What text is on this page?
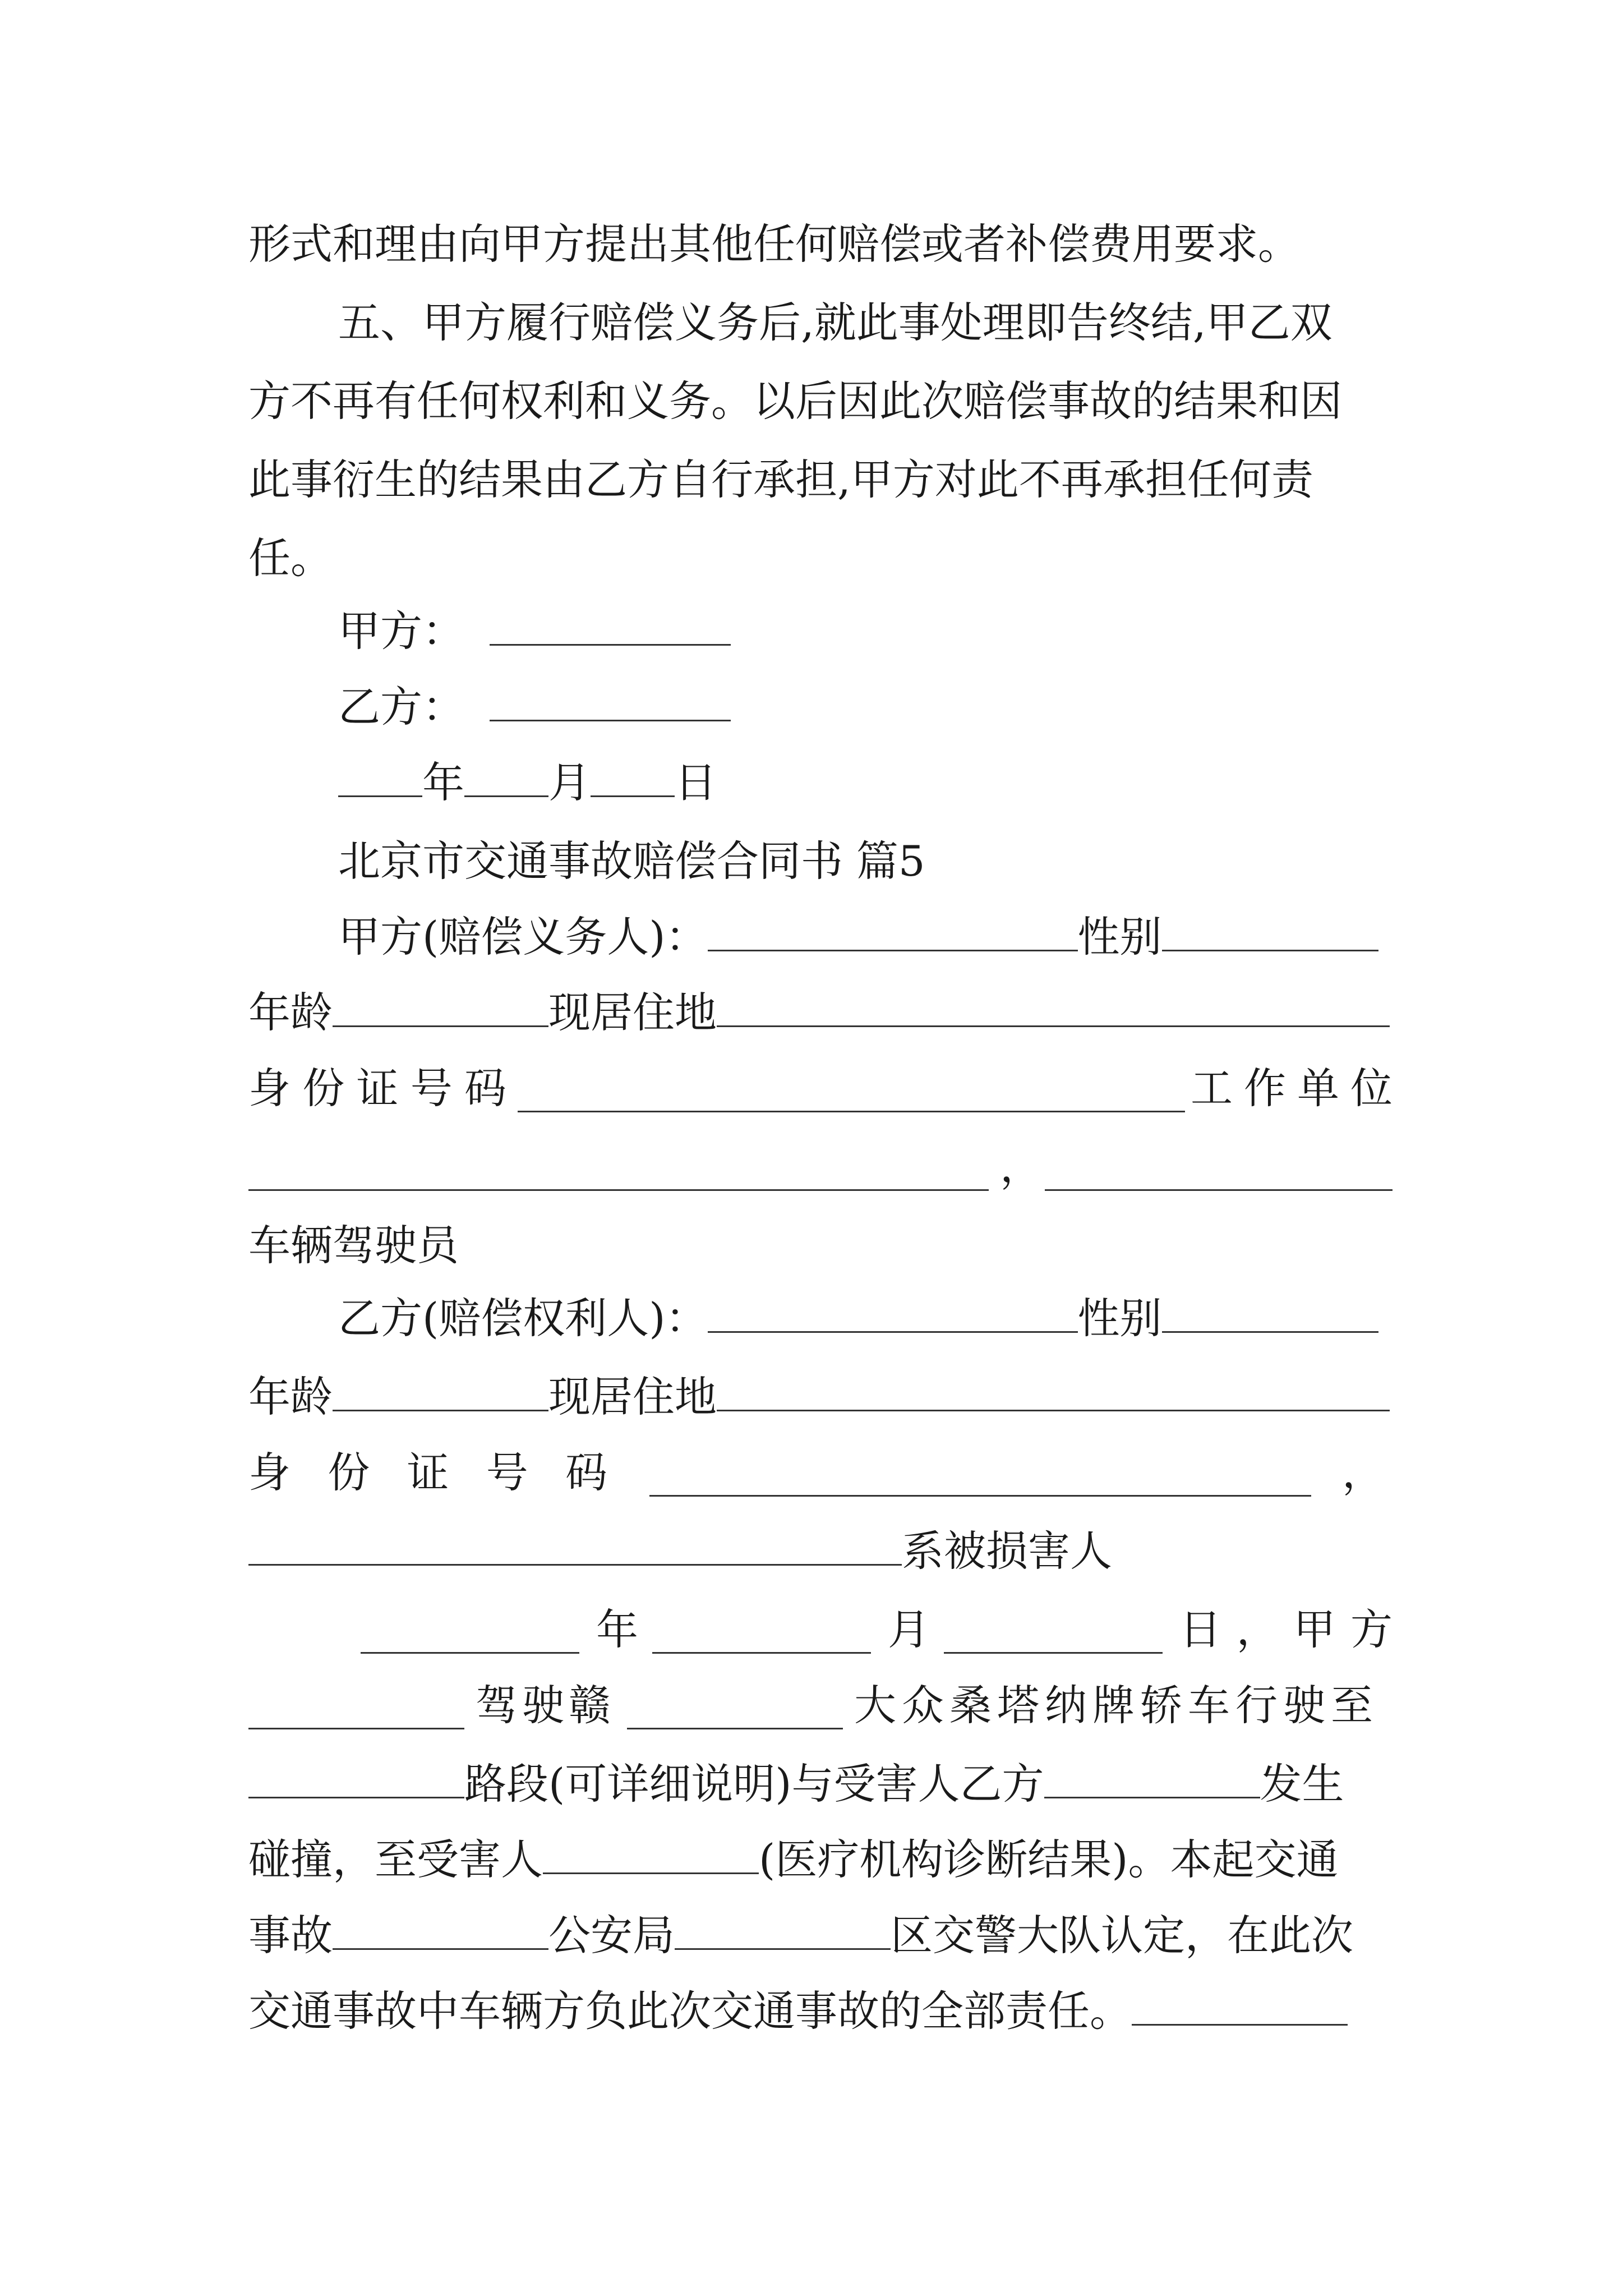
形式和理由向甲方提出其他任何赔偿或者补偿费用要求。
五、甲方履行赔偿义务后,就此事处理即告终结,甲乙双
方不再有任何权利和义务。以后因此次赔偿事故的结果和因
此事衍生的结果由乙方自行承担,甲方对此不再承担任何责
任。
甲方：
乙方：
年 月 日
北京市交通事故赔偿合同书 篇5
甲方(赔偿义务人)：	性别
年龄	现居住地
身 份 证 号 码	工 作 单 位
，
车辆驾驶员
乙方(赔偿权利人)：	性别
年龄	现居住地
身 份 证 号 码	，
系被损害人
年	月	日 ， 甲 方
驾驶赣	大众桑塔纳牌轿车行驶至
路段(可详细说明)与受害人乙方	发生
碰撞，至受害人	(医疗机构诊断结果)。本起交通
事故	公安局	区交警大队认定，在此次
交通事故中车辆方负此次交通事故的全部责任。
